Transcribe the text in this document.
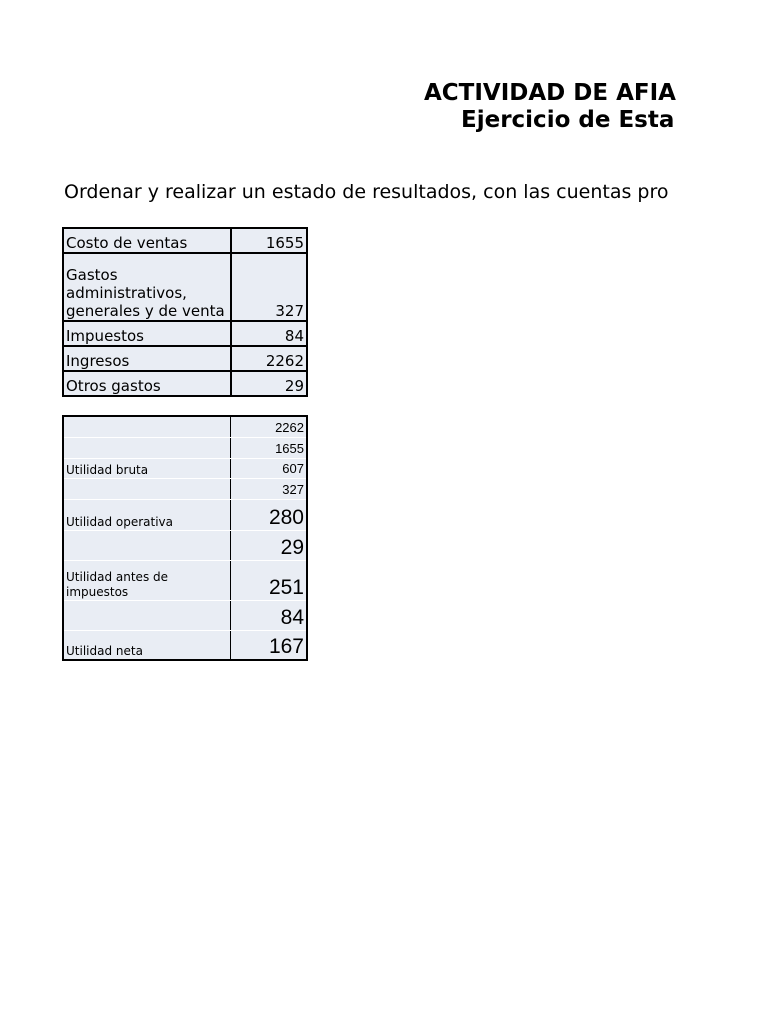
ACTIVIDAD DE AFIA
Ejercicio de Esta
Ordenar y realizar un estado de resultados, con las cuentas pro
Costo de ventas	1655
Gastos administrativos, generales y de venta	327
Impuestos	84
Ingresos	2262
Otros gastos	29
	2262
	1655
Utilidad bruta	607
	327
Utilidad operativa	280
	29
Utilidad antes de impuestos	251
	84
Utilidad neta	167
